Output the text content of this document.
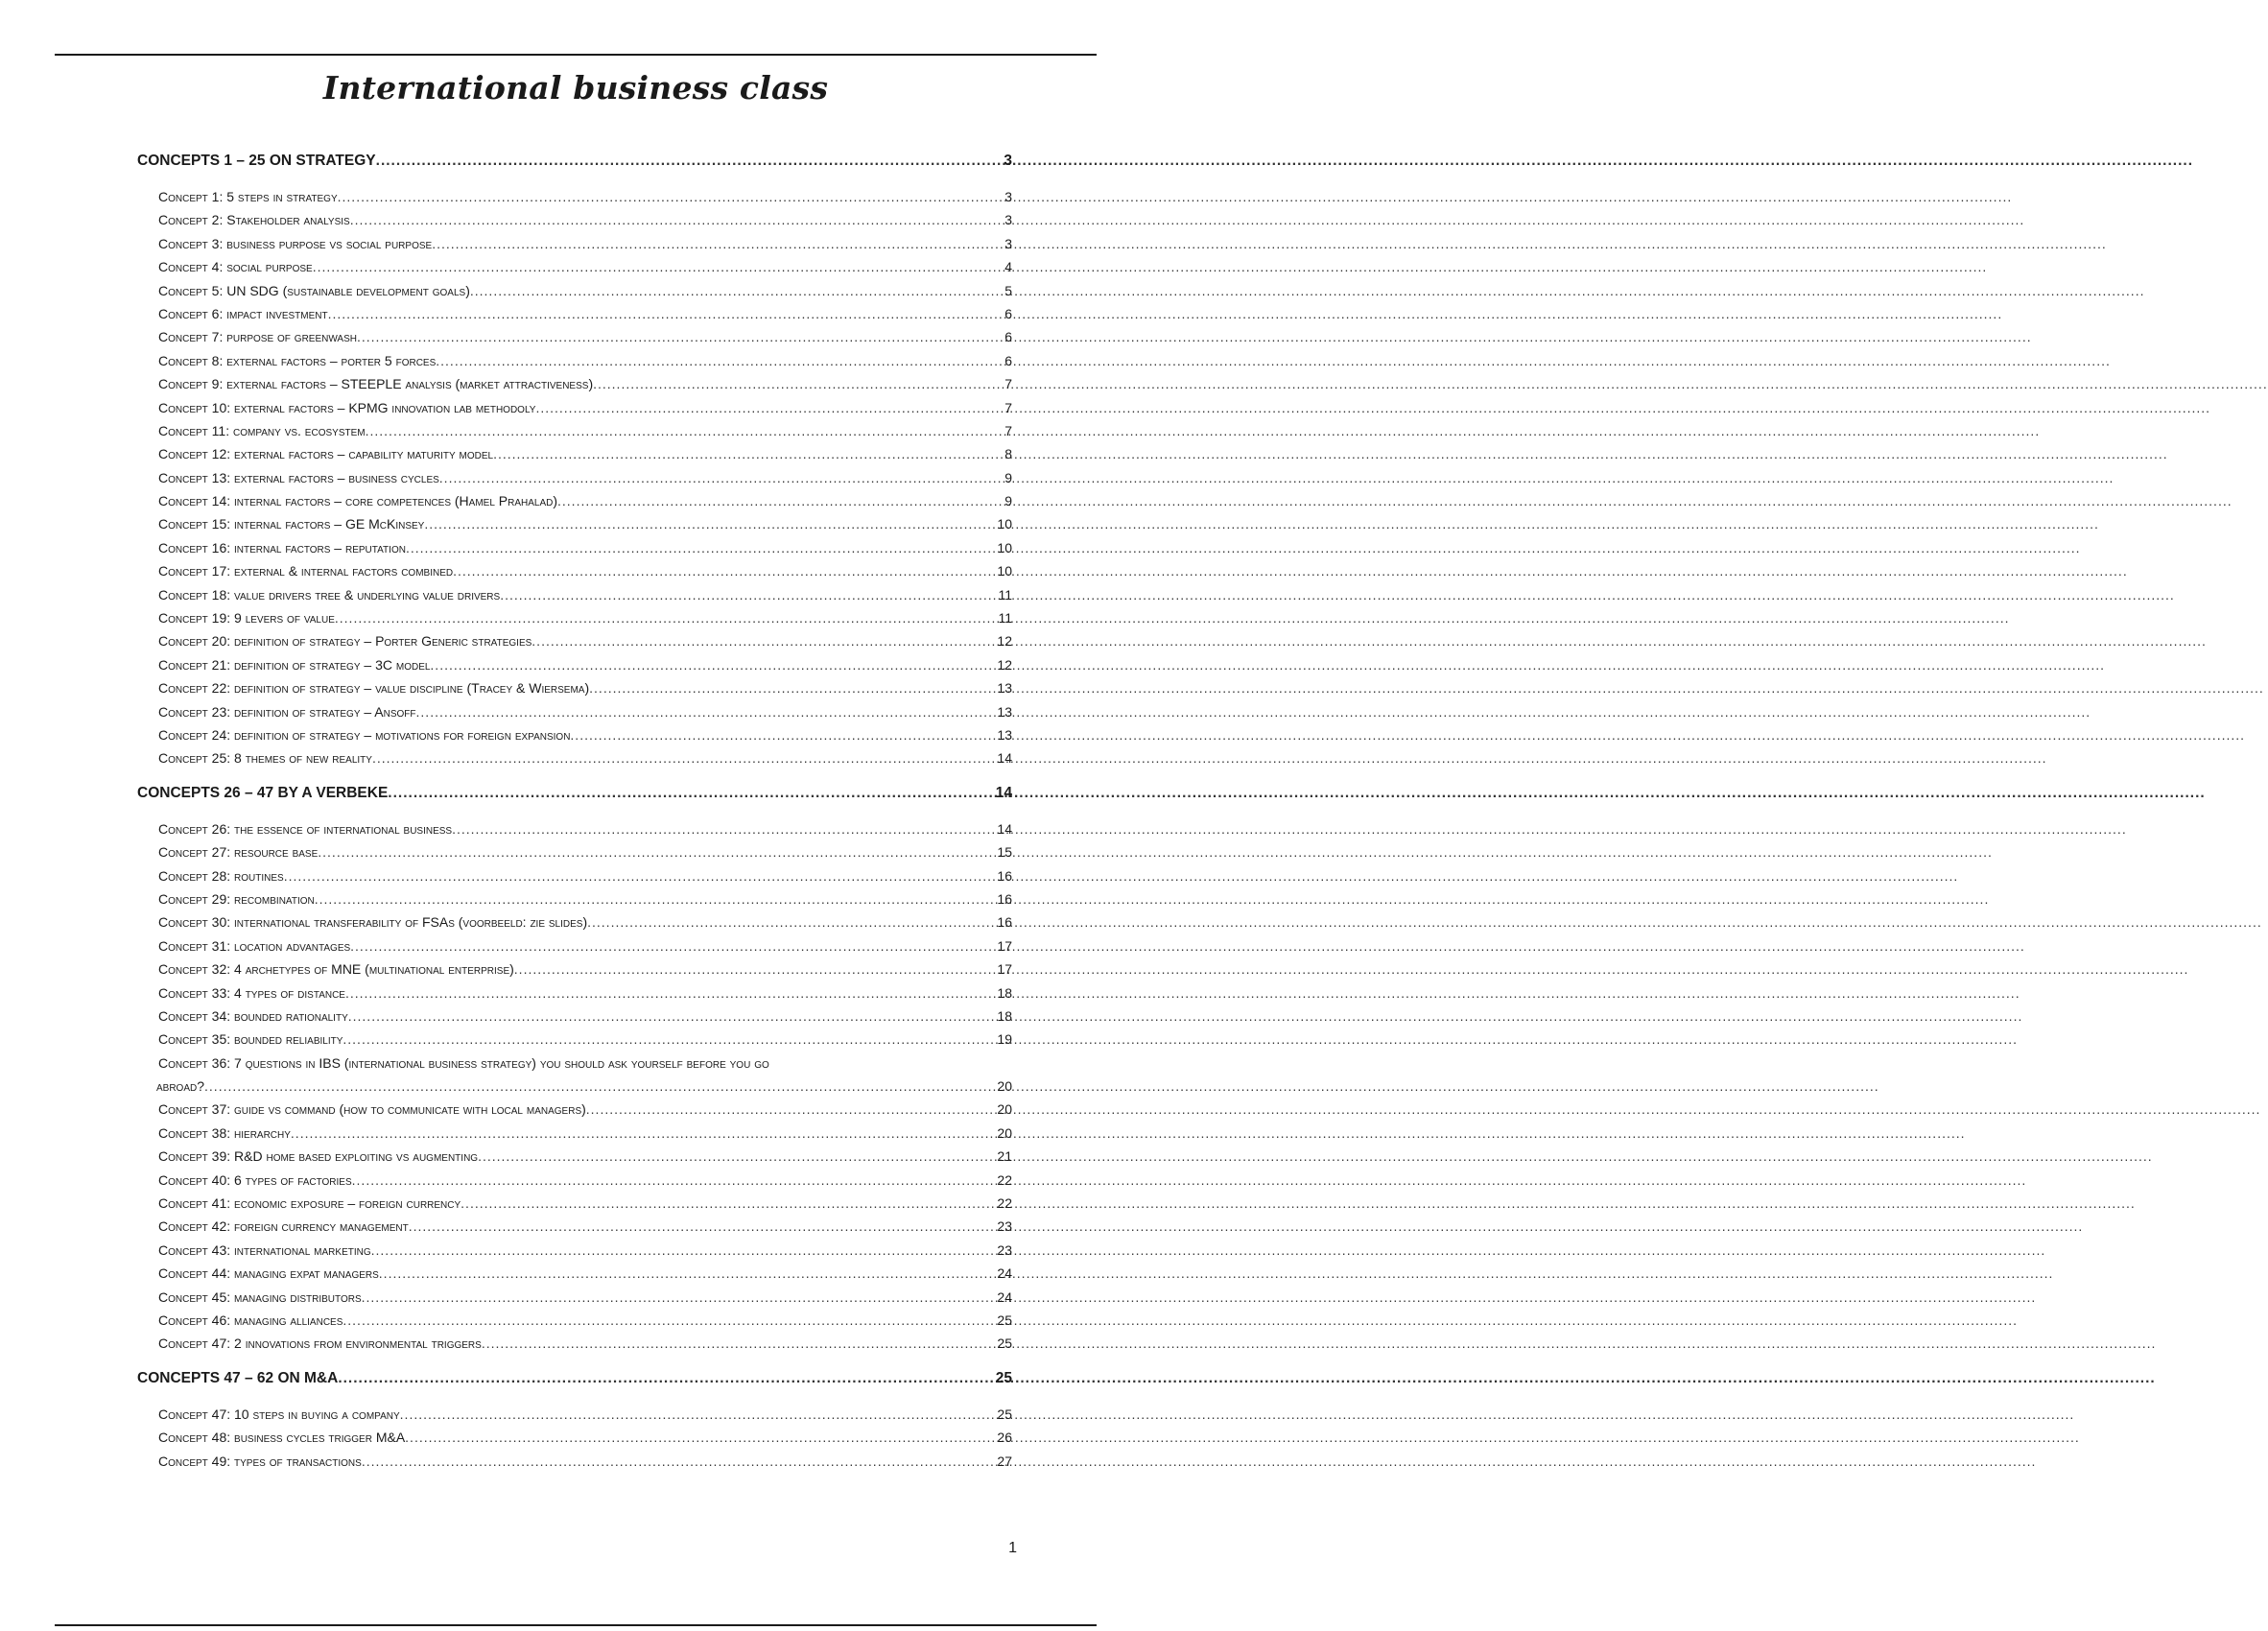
International business class
CONCEPTS 1 – 25 ON STRATEGY .....	3
Concept 1: 5 steps in strategy .....	3
Concept 2: Stakeholder analysis .....	3
Concept 3: business purpose vs social purpose .....	3
Concept 4: social purpose .....	4
Concept 5: UN SDG (sustainable development goals) .....	5
Concept 6: impact investment .....	6
Concept 7: purpose of greenwash .....	6
Concept 8: external factors – porter 5 forces .....	6
Concept 9: external factors – STEEPLE analysis (market attractiveness) .....	7
Concept 10: external factors – KPMG innovation lab methodoly .....	7
Concept 11: company vs. ecosystem .....	7
Concept 12: external factors – capability maturity model .....	8
Concept 13: external factors – business cycles .....	9
Concept 14: internal factors – core competences (Hamel Prahalad) .....	9
Concept 15: internal factors – GE McKinsey .....	10
Concept 16: internal factors – reputation .....	10
Concept 17: external & internal factors combined .....	10
Concept 18: value drivers tree & underlying value drivers .....	11
Concept 19: 9 levers of value .....	11
Concept 20: definition of strategy – Porter Generic strategies .....	12
Concept 21: definition of strategy – 3C model .....	12
Concept 22: definition of strategy – value discipline (Tracey & Wiersema) .....	13
Concept 23: definition of strategy – Ansoff .....	13
Concept 24: definition of strategy – motivations for foreign expansion .....	13
Concept 25: 8 themes of new reality .....	14
CONCEPTS 26 – 47 BY A VERBEKE .....	14
Concept 26: the essence of international business .....	14
Concept 27: resource base .....	15
Concept 28: routines .....	16
Concept 29: recombination .....	16
Concept 30: international transferability of FSAs (voorbeeld: zie slides) .....	16
Concept 31: location advantages .....	17
Concept 32: 4 archetypes of MNE (multinational enterprise) .....	17
Concept 33: 4 types of distance .....	18
Concept 34: bounded rationality .....	18
Concept 35: bounded reliability .....	19
Concept 36: 7 questions in IBS (international business strategy) you should ask yourself before you go
abroad? .....	20
Concept 37: guide vs command (how to communicate with local managers) .....	20
Concept 38: hierarchy .....	20
Concept 39: R&D home based exploiting vs augmenting .....	21
Concept 40: 6 types of factories .....	22
Concept 41: economic exposure – foreign currency .....	22
Concept 42: foreign currency management .....	23
Concept 43: international marketing .....	23
Concept 44: managing expat managers .....	24
Concept 45: managing distributors .....	24
Concept 46: managing alliances .....	25
Concept 47: 2 innovations from environmental triggers .....	25
CONCEPTS 47 – 62 ON M&A .....	25
Concept 47: 10 steps in buying a company .....	25
Concept 48: business cycles trigger M&A .....	26
Concept 49: types of transactions .....	27
1
